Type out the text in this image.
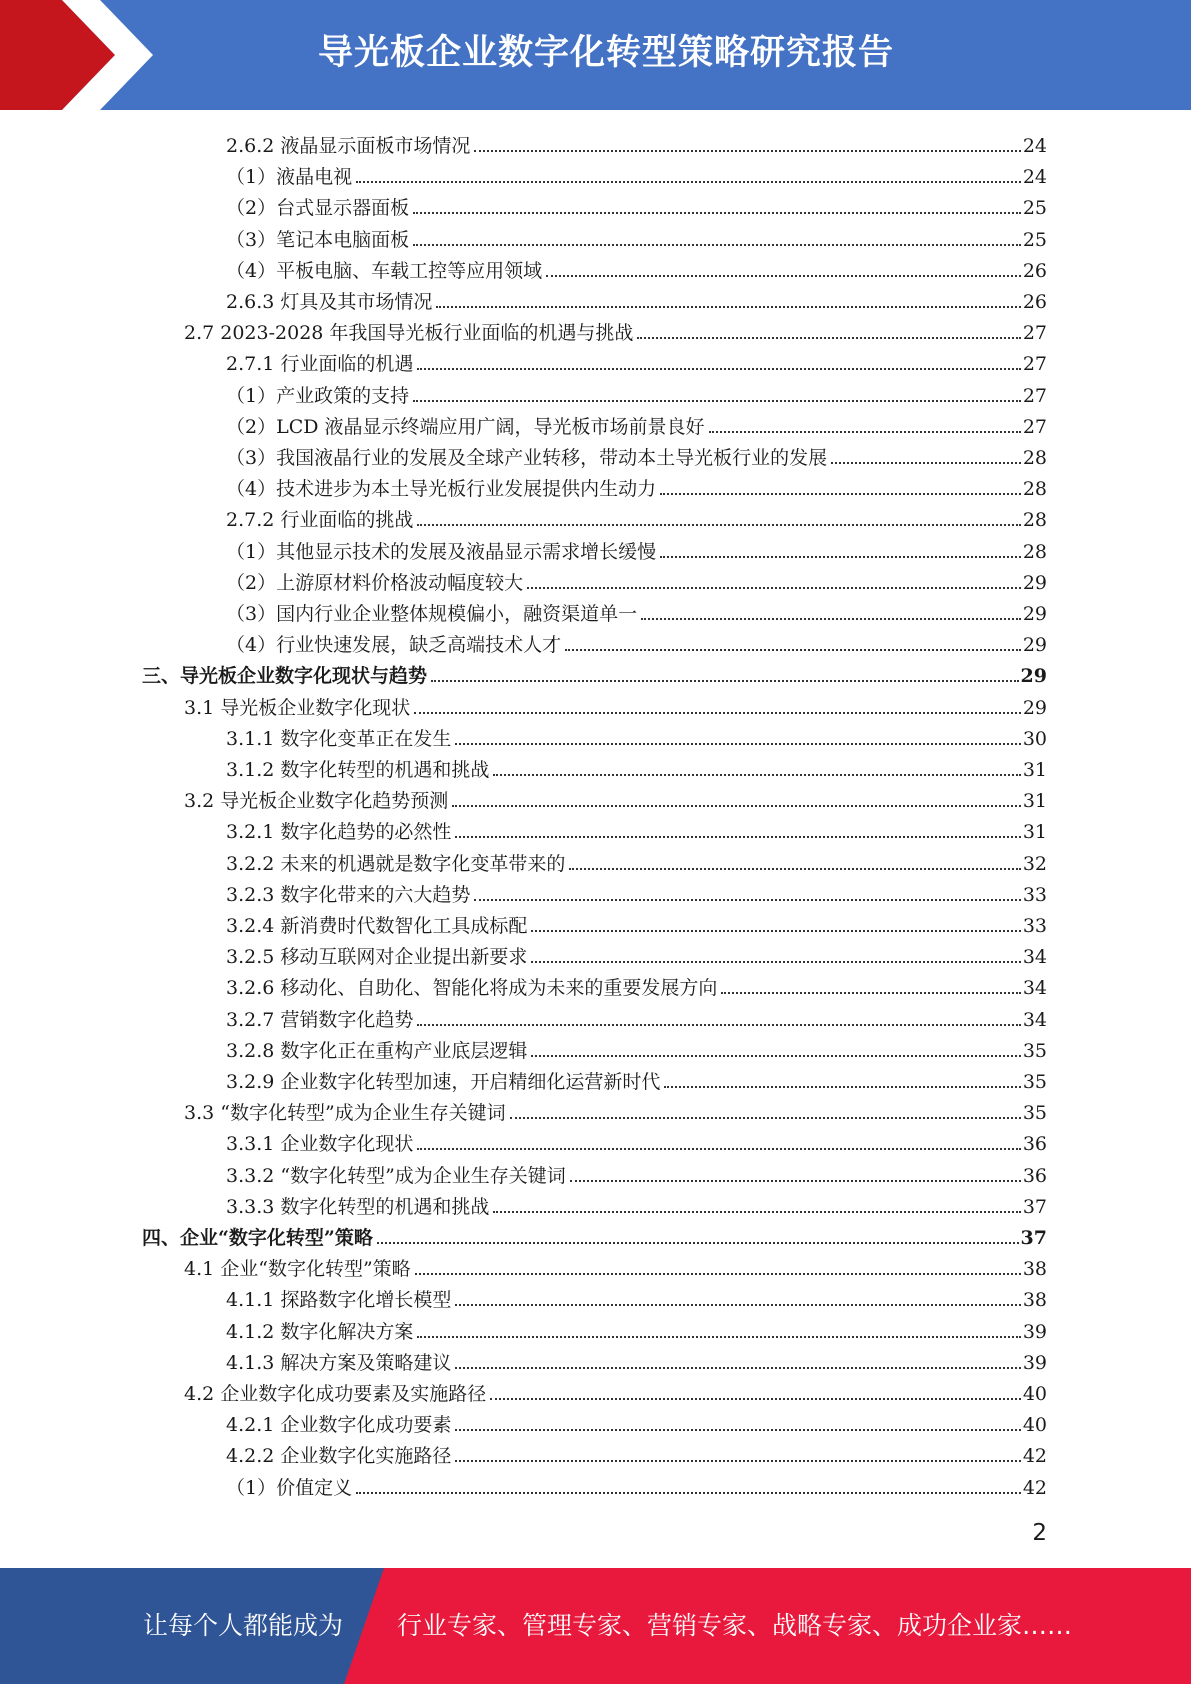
导光板企业数字化转型策略研究报告
2.6.2 液晶显示面板市场情况	24
（1）液晶电视	24
（2）台式显示器面板	25
（3）笔记本电脑面板	25
（4）平板电脑、车载工控等应用领域	26
2.6.3 灯具及其市场情况	26
2.7 2023-2028 年我国导光板行业面临的机遇与挑战	27
2.7.1 行业面临的机遇	27
（1）产业政策的支持	27
（2）LCD 液晶显示终端应用广阔，导光板市场前景良好	27
（3）我国液晶行业的发展及全球产业转移，带动本土导光板行业的发展	28
（4）技术进步为本土导光板行业发展提供内生动力	28
2.7.2 行业面临的挑战	28
（1）其他显示技术的发展及液晶显示需求增长缓慢	28
（2）上游原材料价格波动幅度较大	29
（3）国内行业企业整体规模偏小，融资渠道单一	29
（4）行业快速发展，缺乏高端技术人才	29
三、导光板企业数字化现状与趋势	29
3.1 导光板企业数字化现状	29
3.1.1 数字化变革正在发生	30
3.1.2 数字化转型的机遇和挑战	31
3.2 导光板企业数字化趋势预测	31
3.2.1 数字化趋势的必然性	31
3.2.2 未来的机遇就是数字化变革带来的	32
3.2.3 数字化带来的六大趋势	33
3.2.4 新消费时代数智化工具成标配	33
3.2.5 移动互联网对企业提出新要求	34
3.2.6 移动化、自助化、智能化将成为未来的重要发展方向	34
3.2.7 营销数字化趋势	34
3.2.8 数字化正在重构产业底层逻辑	35
3.2.9 企业数字化转型加速，开启精细化运营新时代	35
3.3 “数字化转型”成为企业生存关键词	35
3.3.1 企业数字化现状	36
3.3.2 “数字化转型”成为企业生存关键词	36
3.3.3 数字化转型的机遇和挑战	37
四、企业“数字化转型”策略	37
4.1 企业“数字化转型”策略	38
4.1.1 探路数字化增长模型	38
4.1.2 数字化解决方案	39
4.1.3 解决方案及策略建议	39
4.2 企业数字化成功要素及实施路径	40
4.2.1 企业数字化成功要素	40
4.2.2 企业数字化实施路径	42
（1）价值定义	42
2
让每个人都能成为 行业专家、管理专家、营销专家、战略专家、成功企业家……
